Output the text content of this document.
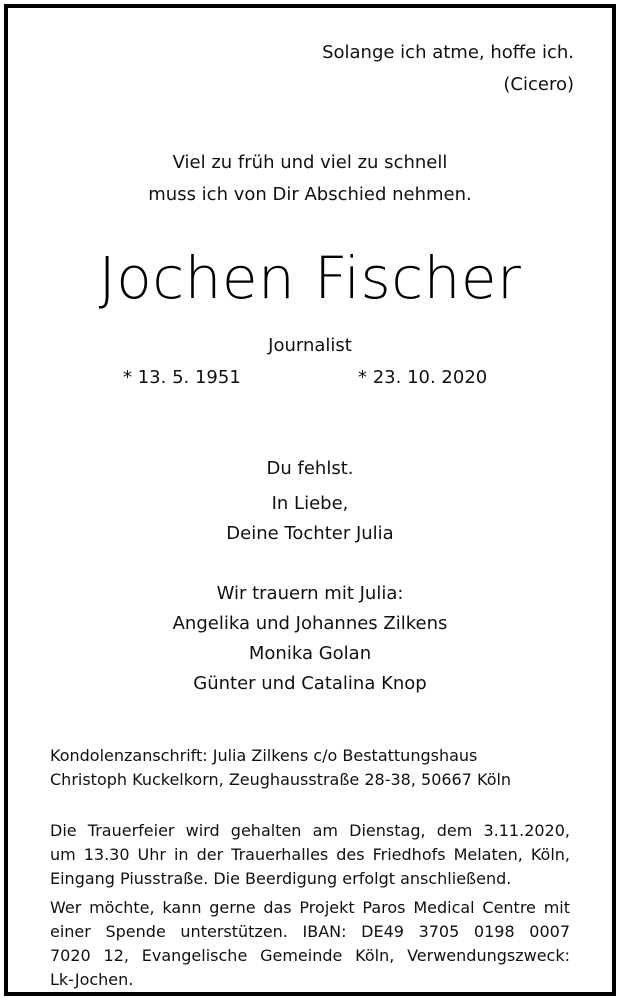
Solange ich atme, hoffe ich.
(Cicero)
Viel zu früh und viel zu schnell
muss ich von Dir Abschied nehmen.
Jochen Fischer
Journalist
* 13. 5. 1951	* 23. 10. 2020
Du fehlst.
In Liebe,
Deine Tochter Julia
Wir trauern mit Julia:
Angelika und Johannes Zilkens
Monika Golan
Günter und Catalina Knop
Kondolenzanschrift: Julia Zilkens c/o Bestattungshaus
Christoph Kuckelkorn, Zeughausstraße 28-38, 50667 Köln
Die Trauerfeier wird gehalten am Dienstag, dem 3.11.2020,
um 13.30 Uhr in der Trauerhalles des Friedhofs Melaten, Köln,
Eingang Piusstraße. Die Beerdigung erfolgt anschließend.
Wer möchte, kann gerne das Projekt Paros Medical Centre mit
einer Spende unterstützen. IBAN: DE49 3705 0198 0007
7020 12, Evangelische Gemeinde Köln, Verwendungszweck:
Lk-Jochen.
